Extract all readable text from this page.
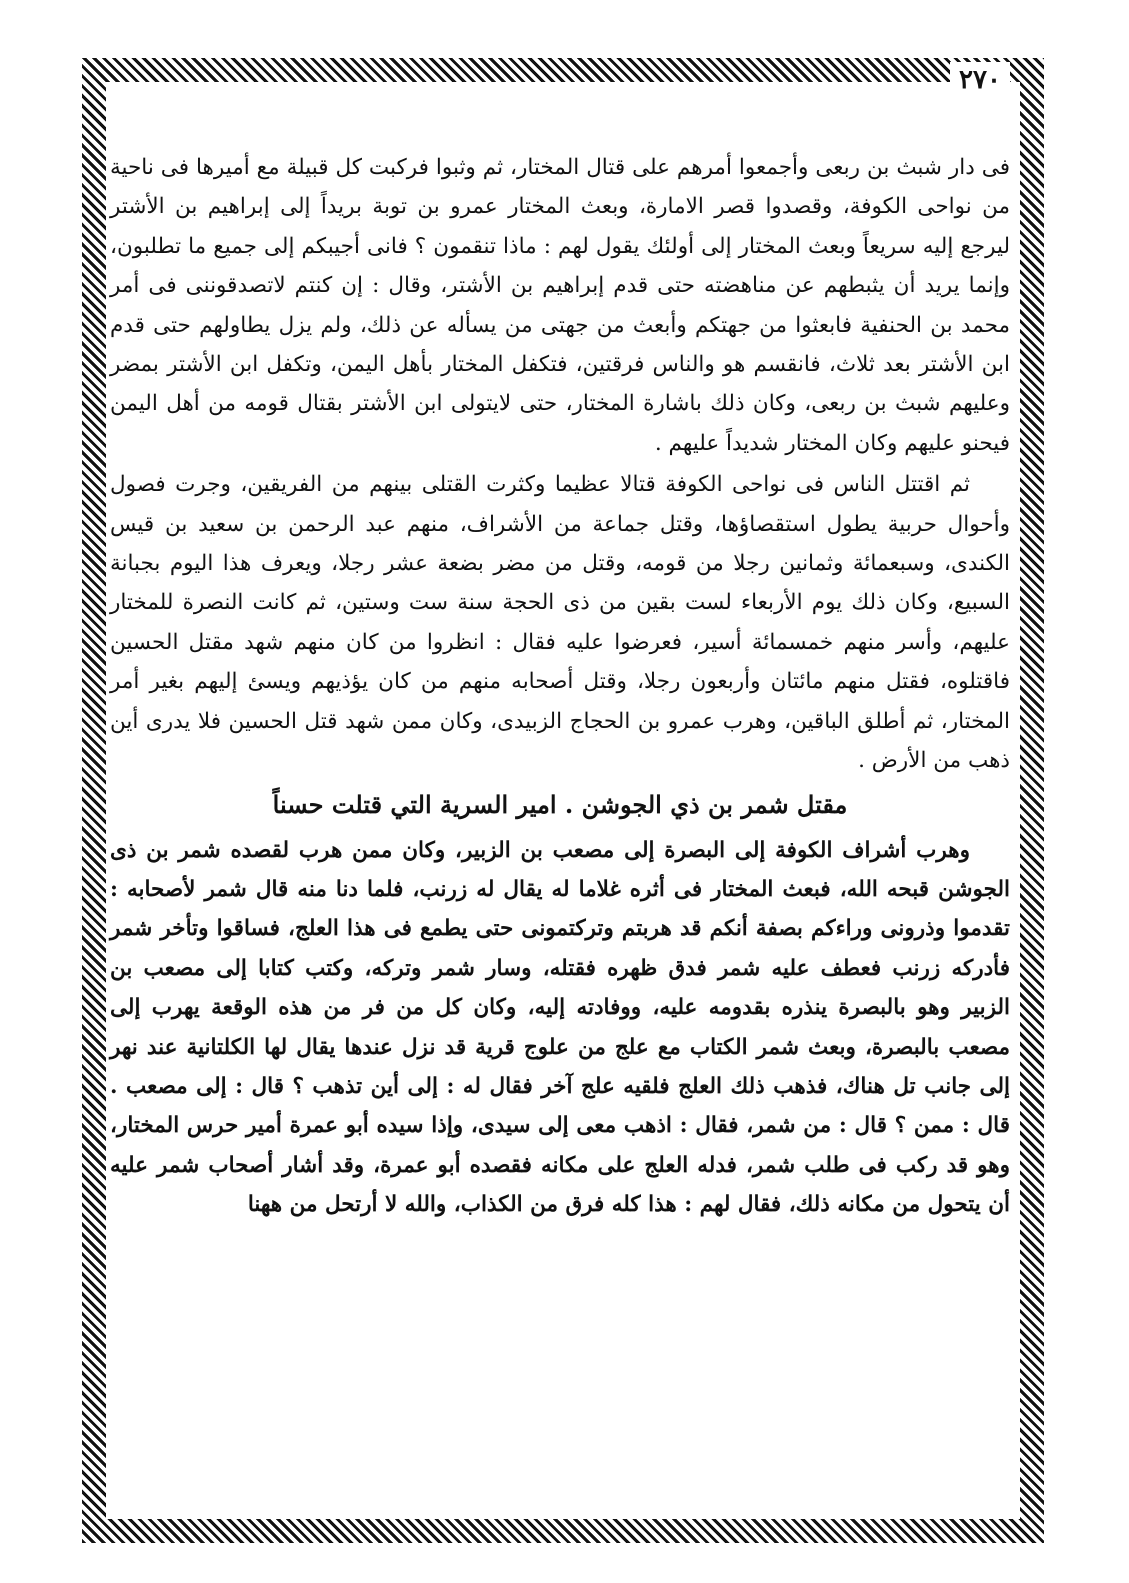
٢٧٠

فى دار شبث بن ربعى وأجمعوا أمرهم على قتال المختار، ثم وثبوا فركبت كل قبيلة مع أميرها فى ناحية من نواحى الكوفة، وقصدوا قصر الامارة، وبعث المختار عمرو بن توبة بريداً إلى إبراهيم بن الأشتر ليرجع إليه سريعاً وبعث المختار إلى أولئك يقول لهم : ماذا تنقمون ؟ فانى أجيبكم إلى جميع ما تطلبون، وإنما يريد أن يثبطهم عن مناهضته حتى قدم إبراهيم بن الأشتر، وقال : إن كنتم لاتصدقوننى فى أمر محمد بن الحنفية فابعثوا من جهتكم وأبعث من جهتى من يسأله عن ذلك، ولم يزل يطاولهم حتى قدم ابن الأشتر بعد ثلاث، فانقسم هو والناس فرقتين، فتكفل المختار بأهل اليمن، وتكفل ابن الأشتر بمضر وعليهم شبث بن ربعى، وكان ذلك باشارة المختار، حتى لايتولى ابن الأشتر بقتال قومه من أهل اليمن فيحنو عليهم وكان المختار شديداً عليهم .

ثم اقتتل الناس فى نواحى الكوفة قتالا عظيما وكثرت القتلى بينهم من الفريقين، وجرت فصول وأحوال حربية يطول استقصاؤها، وقتل جماعة من الأشراف، منهم عبد الرحمن بن سعيد بن قيس الكندى، وسبعمائة وثمانين رجلا من قومه، وقتل من مضر بضعة عشر رجلا، ويعرف هذا اليوم بجبانة السبيع، وكان ذلك يوم الأربعاء لست بقين من ذى الحجة سنة ست وستين، ثم كانت النصرة للمختار عليهم، وأسر منهم خمسمائة أسير، فعرضوا عليه فقال : انظروا من كان منهم شهد مقتل الحسين فاقتلوه، فقتل منهم مائتان وأربعون رجلا، وقتل أصحابه منهم من كان يؤذيهم ويسئ إليهم بغير أمر المختار، ثم أطلق الباقين، وهرب عمرو بن الحجاج الزبيدى، وكان ممن شهد قتل الحسين فلا يدرى أين ذهب من الأرض .

مقتل شمر بن ذي الجوشن . امير السرية التي قتلت حسناً

وهرب أشراف الكوفة إلى البصرة إلى مصعب بن الزبير، وكان ممن هرب لقصده شمر بن ذى الجوشن قبحه الله، فبعث المختار فى أثره غلاما له يقال له زرنب، فلما دنا منه قال شمر لأصحابه : تقدموا وذرونى وراءكم بصفة أنكم قد هربتم وتركتمونى حتى يطمع فى هذا العلج، فساقوا وتأخر شمر فأدركه زرنب فعطف عليه شمر فدق ظهره فقتله، وسار شمر وتركه، وكتب كتابا إلى مصعب بن الزبير وهو بالبصرة ينذره بقدومه عليه، ووفادته إليه، وكان كل من فر من هذه الوقعة يهرب إلى مصعب بالبصرة، وبعث شمر الكتاب مع علج من علوج قرية قد نزل عندها يقال لها الكلتانية عند نهر إلى جانب تل هناك، فذهب ذلك العلج فلقيه علج آخر فقال له : إلى أين تذهب ؟ قال : إلى مصعب . قال : ممن ؟ قال : من شمر، فقال : اذهب معى إلى سيدى، وإذا سيده أبو عمرة أمير حرس المختار، وهو قد ركب فى طلب شمر، فدله العلج على مكانه فقصده أبو عمرة، وقد أشار أصحاب شمر عليه أن يتحول من مكانه ذلك، فقال لهم : هذا كله فرق من الكذاب، والله لا أرتحل من ههنا
